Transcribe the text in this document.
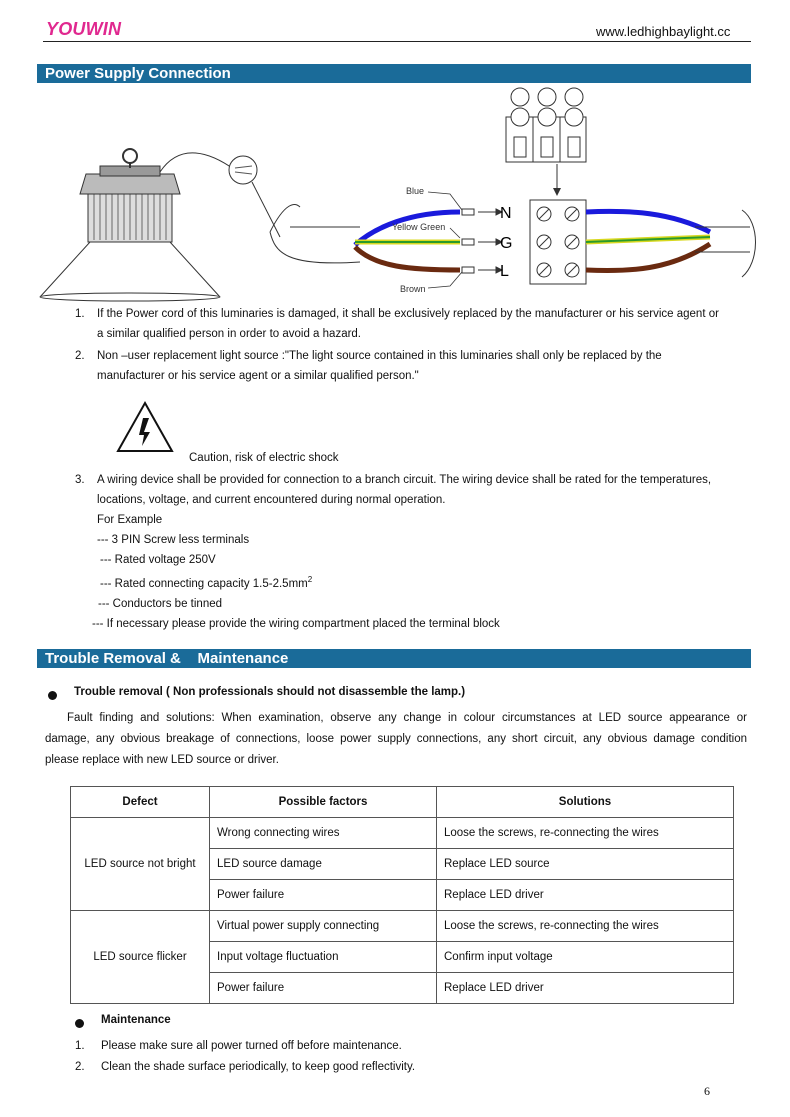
YOUWIN	www.ledhighbaylight.cc
Power Supply Connection
N
G
L
Blue
Yellow Green
Brown
1. If the Power cord of this luminaries is damaged, it shall be exclusively replaced by the manufacturer or his service agent or
a similar qualified person in order to avoid a hazard.
2. Non –user replacement light source :"The light source contained in this luminaries shall only be replaced by the
manufacturer or his service agent or a similar qualified person."
Caution, risk of electric shock
3. A wiring device shall be provided for connection to a branch circuit. The wiring device shall be rated for the temperatures,
locations, voltage, and current encountered during normal operation.
For Example
--- 3 PIN Screw less terminals
--- Rated voltage 250V
--- Rated connecting capacity $1.5-2.5mm^2$
--- Conductors be tinned
--- If necessary please provide the wiring compartment placed the terminal block
Trouble Removal &    Maintenance
Trouble removal ( Non professionals should not disassemble the lamp.)
Fault finding and solutions: When examination, observe any change in colour circumstances at LED source appearance or
damage, any obvious breakage of connections, loose power supply connections, any short circuit, any obvious damage condition
please replace with new LED source or driver.
Defect	Possible factors	Solutions
LED source not bright	Wrong connecting wires	Loose the screws, re-connecting the wires
	LED source damage	Replace LED source
	Power failure	Replace LED driver
LED source flicker	Virtual power supply connecting	Loose the screws, re-connecting the wires
	Input voltage fluctuation	Confirm input voltage
	Power failure	Replace LED driver
Maintenance
1. Please make sure all power turned off before maintenance.
2. Clean the shade surface periodically, to keep good reflectivity.
6
